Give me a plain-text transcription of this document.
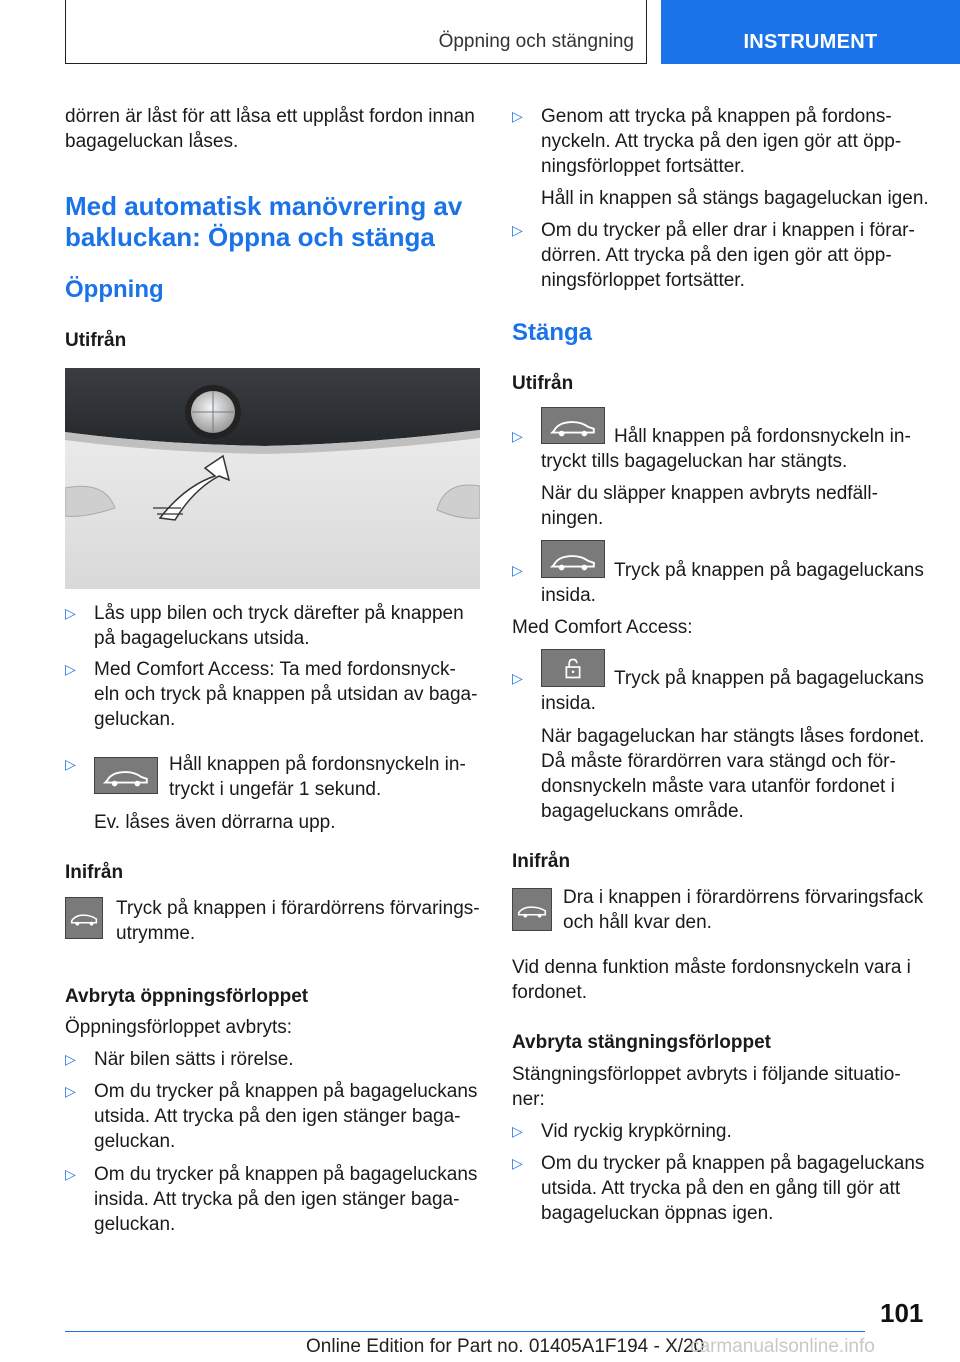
Öppning och stängning	INSTRUMENT
dörren är låst för att låsa ett upplåst fordon innan
bagageluckan låses.
Med automatisk manövrering av
bakluckan: Öppna och stänga
Öppning
Utifrån
▷ Lås upp bilen och tryck därefter på knappen
på bagageluckans utsida.
▷ Med Comfort Access: Ta med fordonsnyck-
eln och tryck på knappen på utsidan av baga-
geluckan.
▷	Håll knappen på fordonsnyckeln in-
tryckt i ungefär 1 sekund.
Ev. låses även dörrarna upp.
Inifrån
Tryck på knappen i förardörrens förvarings-
utrymme.
Avbryta öppningsförloppet
Öppningsförloppet avbryts:
▷ När bilen sätts i rörelse.
▷ Om du trycker på knappen på bagageluckans
utsida. Att trycka på den igen stänger baga-
geluckan.
▷ Om du trycker på knappen på bagageluckans
insida. Att trycka på den igen stänger baga-
geluckan.
▷ Genom att trycka på knappen på fordons-
nyckeln. Att trycka på den igen gör att öpp-
ningsförloppet fortsätter.
Håll in knappen så stängs bagageluckan igen.
▷ Om du trycker på eller drar i knappen i förar-
dörren. Att trycka på den igen gör att öpp-
ningsförloppet fortsätter.
Stänga
Utifrån
▷	Håll knappen på fordonsnyckeln in-
tryckt tills bagageluckan har stängts.
När du släpper knappen avbryts nedfäll-
ningen.
▷	Tryck på knappen på bagageluckans
insida.
Med Comfort Access:
▷	Tryck på knappen på bagageluckans
insida.
När bagageluckan har stängts låses fordonet.
Då måste förardörren vara stängd och för-
donsnyckeln måste vara utanför fordonet i
bagageluckans område.
Inifrån
Dra i knappen i förardörrens förvaringsfack
och håll kvar den.
Vid denna funktion måste fordonsnyckeln vara i
fordonet.
Avbryta stängningsförloppet
Stängningsförloppet avbryts i följande situatio-
ner:
▷ Vid ryckig krypkörning.
▷ Om du trycker på knappen på bagageluckans
utsida. Att trycka på den en gång till gör att
bagageluckan öppnas igen.
101
Online Edition for Part no. 01405A1F194 - X/20
carmanualsonline.info
